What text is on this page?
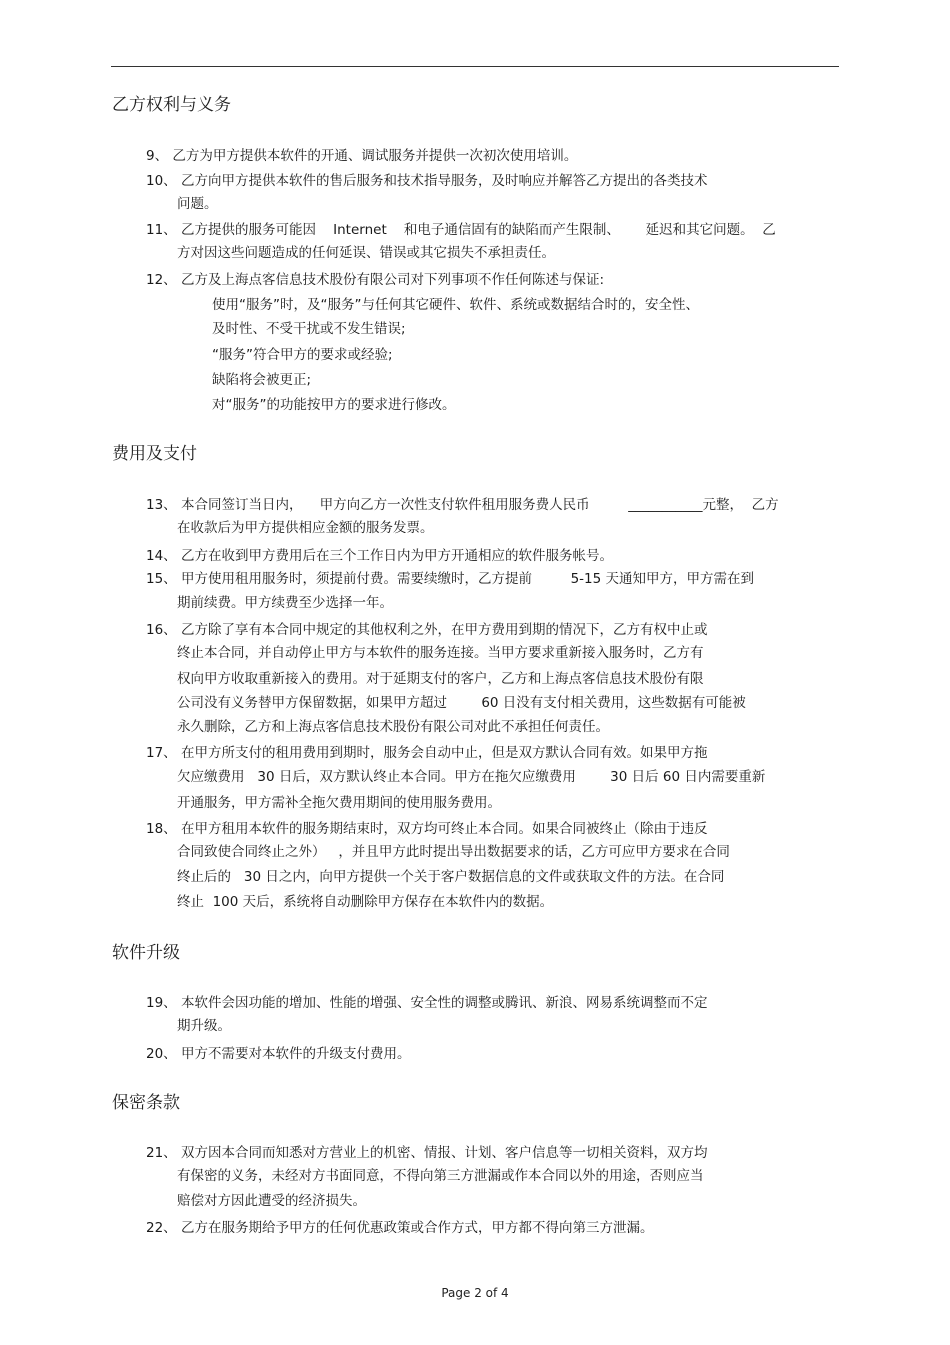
乙方权利与义务
9、 乙方为甲方提供本软件的开通、调试服务并提供一次初次使用培训。
10、 乙方向甲方提供本软件的售后服务和技术指导服务，及时响应并解答乙方提出的各类技术
问题。
11、 乙方提供的服务可能因    Internet    和电子通信固有的缺陷而产生限制、      延迟和其它问题。  乙
方对因这些问题造成的任何延误、错误或其它损失不承担责任。
12、 乙方及上海点客信息技术股份有限公司对下列事项不作任何陈述与保证:
使用“服务”时，及“服务”与任何其它硬件、软件、系统或数据结合时的，安全性、
及时性、不受干扰或不发生错误;
“服务”符合甲方的要求或经验;
缺陷将会被更正;
对“服务”的功能按甲方的要求进行修改。
费用及支付
13、 本合同签订当日内，    甲方向乙方一次性支付软件租用服务费人民币         ___________元整，  乙方
在收款后为甲方提供相应金额的服务发票。
14、 乙方在收到甲方费用后在三个工作日内为甲方开通相应的软件服务帐号。
15、 甲方使用租用服务时，须提前付费。需要续缴时，乙方提前         5-15 天通知甲方，甲方需在到
期前续费。甲方续费至少选择一年。
16、 乙方除了享有本合同中规定的其他权利之外，在甲方费用到期的情况下，乙方有权中止或
终止本合同，并自动停止甲方与本软件的服务连接。当甲方要求重新接入服务时，乙方有
权向甲方收取重新接入的费用。对于延期支付的客户，乙方和上海点客信息技术股份有限
公司没有义务替甲方保留数据，如果甲方超过        60 日没有支付相关费用，这些数据有可能被
永久删除，乙方和上海点客信息技术股份有限公司对此不承担任何责任。
17、 在甲方所支付的租用费用到期时，服务会自动中止，但是双方默认合同有效。如果甲方拖
欠应缴费用   30 日后，双方默认终止本合同。甲方在拖欠应缴费用        30 日后 60 日内需要重新
开通服务，甲方需补全拖欠费用期间的使用服务费用。
18、 在甲方租用本软件的服务期结束时，双方均可终止本合同。如果合同被终止（除由于违反
合同致使合同终止之外）   ，并且甲方此时提出导出数据要求的话，乙方可应甲方要求在合同
终止后的   30 日之内，向甲方提供一个关于客户数据信息的文件或获取文件的方法。在合同
终止  100 天后，系统将自动删除甲方保存在本软件内的数据。
软件升级
19、 本软件会因功能的增加、性能的增强、安全性的调整或腾讯、新浪、网易系统调整而不定
期升级。
20、 甲方不需要对本软件的升级支付费用。
保密条款
21、 双方因本合同而知悉对方营业上的机密、情报、计划、客户信息等一切相关资料，双方均
有保密的义务，未经对方书面同意，不得向第三方泄漏或作本合同以外的用途，否则应当
赔偿对方因此遭受的经济损失。
22、 乙方在服务期给予甲方的任何优惠政策或合作方式，甲方都不得向第三方泄漏。
Page 2 of 4
